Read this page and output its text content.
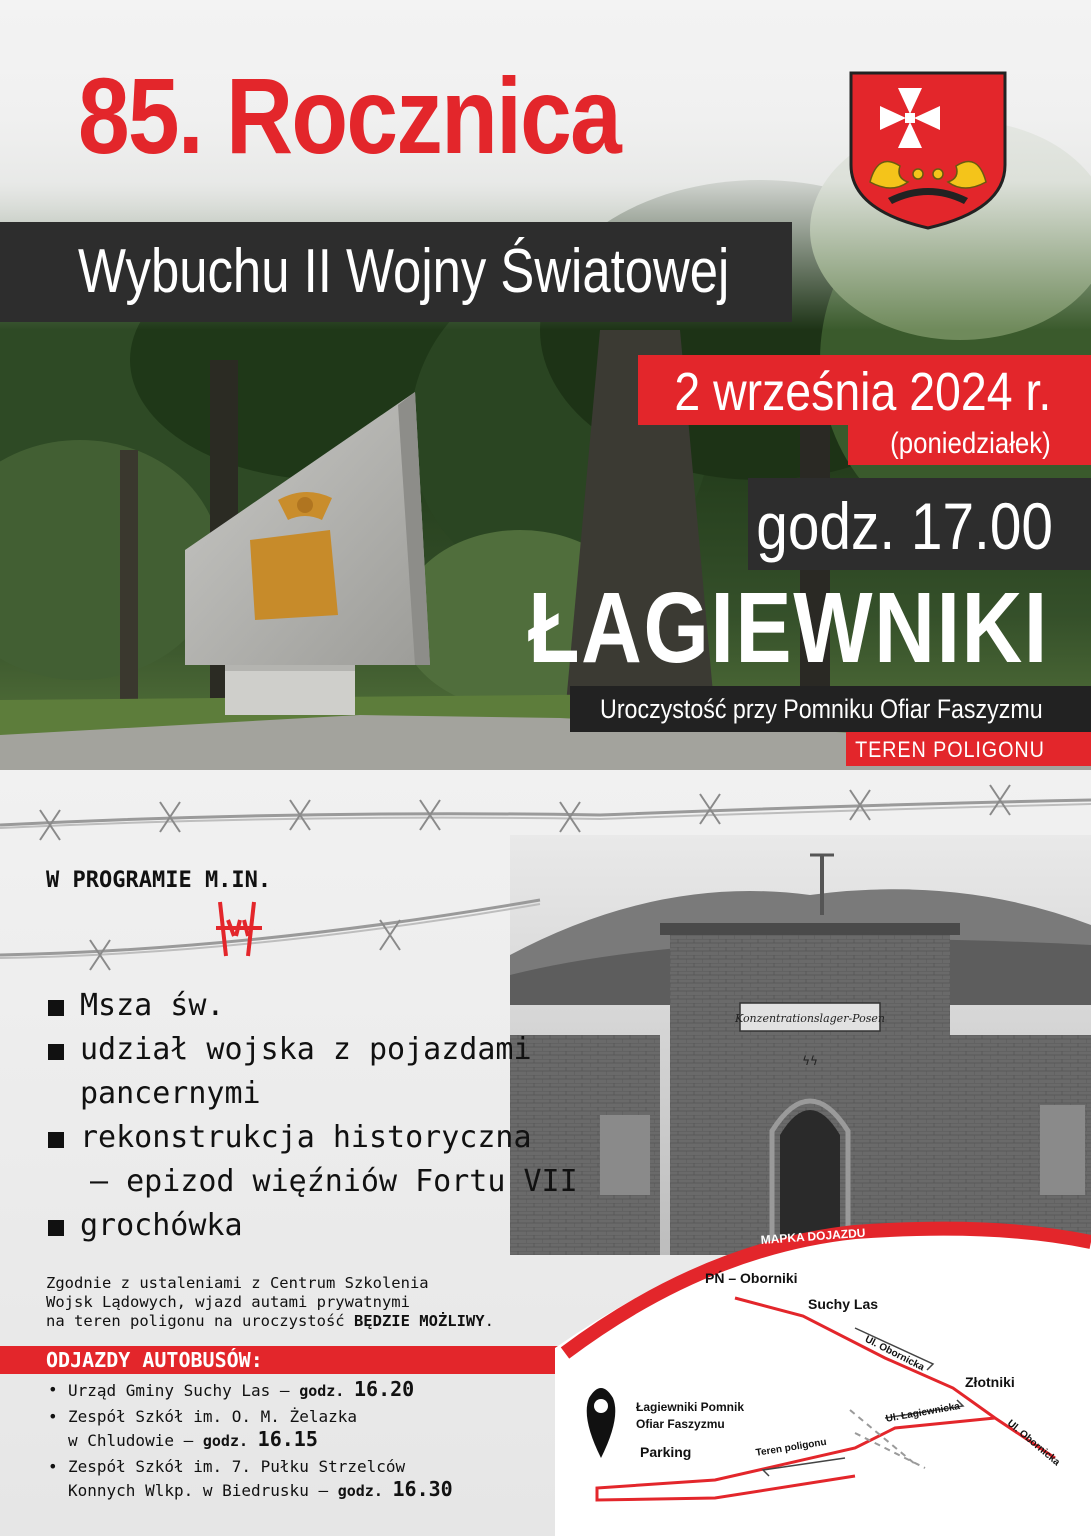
85. Rocznica
Wybuchu II Wojny Światowej
2 września 2024 r.
(poniedziałek)
godz. 17.00
ŁAGIEWNIKI
Uroczystość przy Pomniku Ofiar Faszyzmu
TEREN POLIGONU
Konzentrationslager-Posen
ϟϟ
W PROGRAMIE M.IN.
Msza św.
udział wojska z pojazdami
pancernymi
rekonstrukcja historyczna
– epizod więźniów Fortu VII
grochówka

Zgodnie z ustaleniami z Centrum Szkolenia
Wojsk Lądowych, wjazd autami prywatnymi
na teren poligonu na uroczystość BĘDZIE MOŻLIWY.

ODJAZDY AUTOBUSÓW:
• Urząd Gminy Suchy Las – godz. 16.20
• Zespół Szkół im. O. M. Żelazka
w Chludowie – godz. 16.15
• Zespół Szkół im. 7. Pułku Strzelców
Konnych Wlkp. w Biedrusku – godz. 16.30
MAPKA DOJAZDU
PŃ – Oborniki
Suchy Las
Ul. Obornicka
Złotniki
Ul. Łagiewnicka
Ul. Obornicka
Teren poligonu
Łagiewniki Pomnik
Ofiar Faszyzmu
Parking
